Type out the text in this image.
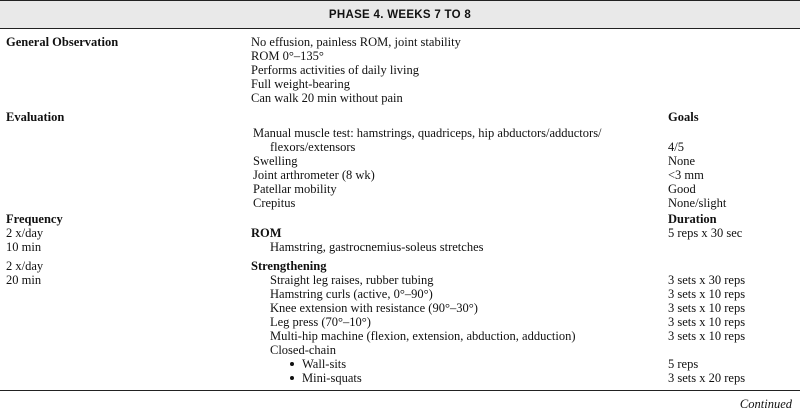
PHASE 4. WEEKS 7 TO 8
General Observation	No effusion, painless ROM, joint stability
ROM 0°–135°
Performs activities of daily living
Full weight-bearing
Can walk 20 min without pain
Evaluation	Goals
Manual muscle test: hamstrings, quadriceps, hip abductors/adductors/
flexors/extensors	4/5
Swelling	None
Joint arthrometer (8 wk)	<3 mm
Patellar mobility	Good
Crepitus	None/slight
Frequency	Duration
2 x/day	ROM	5 reps x 30 sec
10 min	Hamstring, gastrocnemius-soleus stretches
2 x/day	Strengthening
20 min	Straight leg raises, rubber tubing	3 sets x 30 reps
Hamstring curls (active, 0°–90°)	3 sets x 10 reps
Knee extension with resistance (90°–30°)	3 sets x 10 reps
Leg press (70°–10°)	3 sets x 10 reps
Multi-hip machine (flexion, extension, abduction, adduction)	3 sets x 10 reps
Closed-chain
Wall-sits	5 reps
Mini-squats	3 sets x 20 reps
Continued
